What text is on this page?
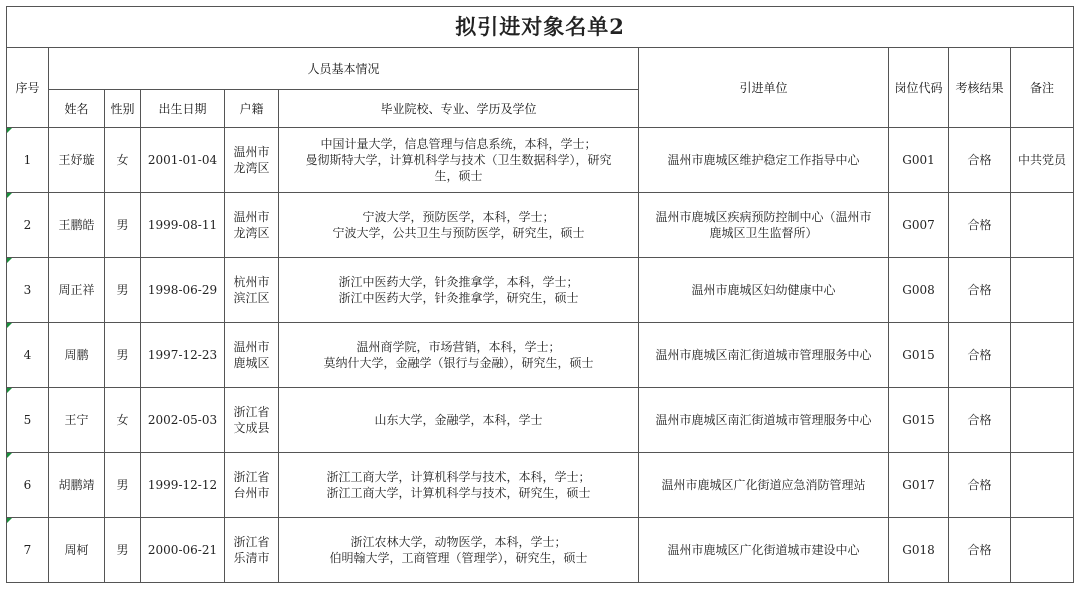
拟引进对象名单2									
序号	人员基本情况					引进单位	岗位代码	考核结果	备注
	姓名	性别	出生日期	户籍	毕业院校、专业、学历及学位				
1	王妤璇	女	2001-01-04	温州市
龙湾区	中国计量大学，信息管理与信息系统，本科，学士；
曼彻斯特大学，计算机科学与技术（卫生数据科学），研究
生，硕士	温州市鹿城区维护稳定工作指导中心	G001	合格	中共党员
2	王鹏皓	男	1999-08-11	温州市
龙湾区	宁波大学，预防医学，本科，学士；
宁波大学，公共卫生与预防医学，研究生，硕士	温州市鹿城区疾病预防控制中心（温州市
鹿城区卫生监督所）	G007	合格	
3	周正祥	男	1998-06-29	杭州市
滨江区	浙江中医药大学，针灸推拿学，本科，学士；
浙江中医药大学，针灸推拿学，研究生，硕士	温州市鹿城区妇幼健康中心	G008	合格	
4	周鹏	男	1997-12-23	温州市
鹿城区	温州商学院，市场营销，本科，学士；
莫纳什大学，金融学（银行与金融），研究生，硕士	温州市鹿城区南汇街道城市管理服务中心	G015	合格	
5	王宁	女	2002-05-03	浙江省
文成县	山东大学，金融学，本科，学士	温州市鹿城区南汇街道城市管理服务中心	G015	合格	
6	胡鹏靖	男	1999-12-12	浙江省
台州市	浙江工商大学，计算机科学与技术，本科，学士；
浙江工商大学，计算机科学与技术，研究生，硕士	温州市鹿城区广化街道应急消防管理站	G017	合格	
7	周柯	男	2000-06-21	浙江省
乐清市	浙江农林大学，动物医学，本科，学士；
伯明翰大学，工商管理（管理学），研究生，硕士	温州市鹿城区广化街道城市建设中心	G018	合格	
